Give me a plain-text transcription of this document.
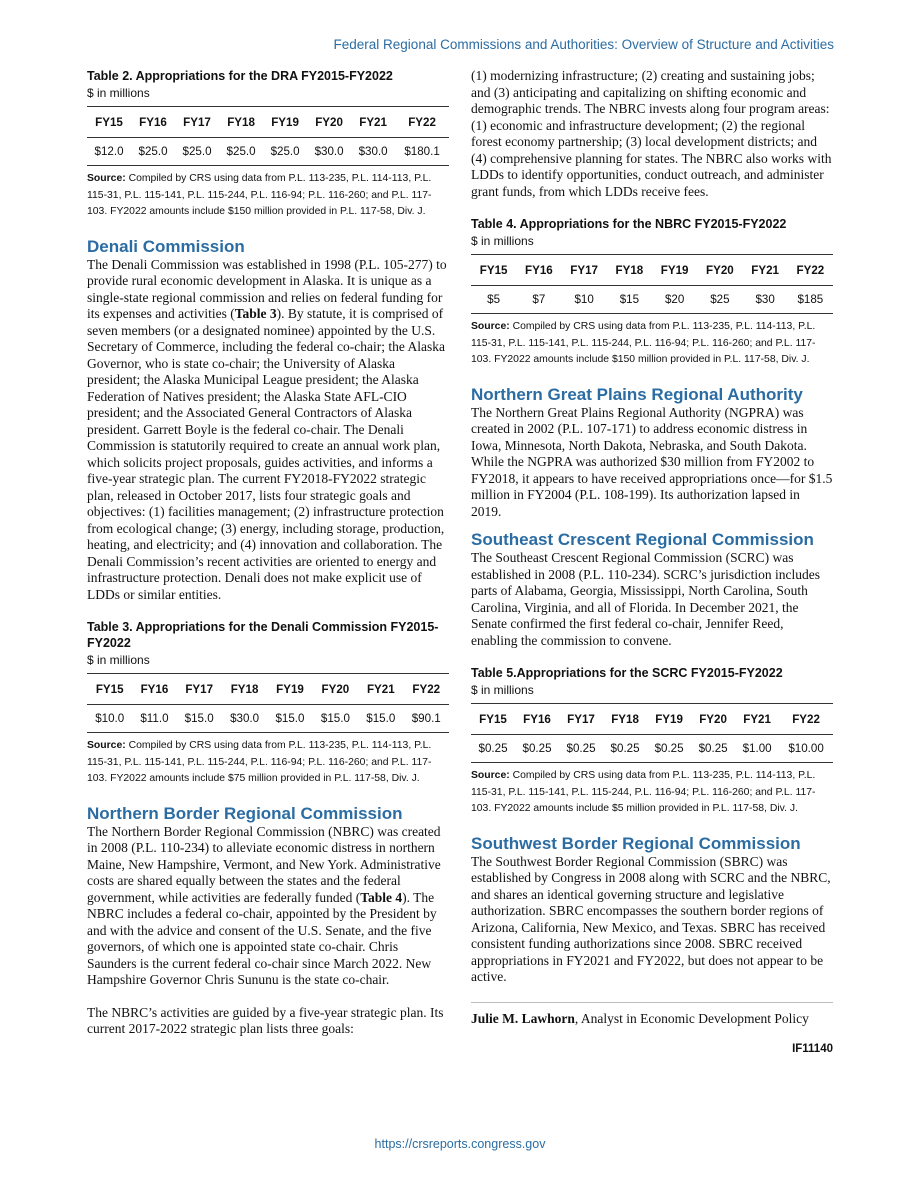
Federal Regional Commissions and Authorities: Overview of Structure and Activities

Table 2. Appropriations for the DRA FY2015-FY2022

$ in millions

FY15	FY16	FY17	FY18	FY19	FY20	FY21	FY22
$12.0	$25.0	$25.0	$25.0	$25.0	$30.0	$30.0	$180.1

Source: Compiled by CRS using data from P.L. 113-235, P.L. 114-113, P.L. 115-31, P.L. 115-141, P.L. 115-244, P.L. 116-94; P.L. 116-260; and P.L. 117-103. FY2022 amounts include $150 million provided in P.L. 117-58, Div. J.

Denali Commission

The Denali Commission was established in 1998 (P.L. 105-277) to provide rural economic development in Alaska. It is unique as a single-state regional commission and relies on federal funding for its expenses and activities (Table 3). By statute, it is comprised of seven members (or a designated nominee) appointed by the U.S. Secretary of Commerce, including the federal co-chair; the Alaska Governor, who is state co-chair; the University of Alaska president; the Alaska Municipal League president; the Alaska Federation of Natives president; the Alaska State AFL-CIO president; and the Associated General Contractors of Alaska president. Garrett Boyle is the federal co-chair. The Denali Commission is statutorily required to create an annual work plan, which solicits project proposals, guides activities, and informs a five-year strategic plan. The current FY2018-FY2022 strategic plan, released in October 2017, lists four strategic goals and objectives: (1) facilities management; (2) infrastructure protection from ecological change; (3) energy, including storage, production, heating, and electricity; and (4) innovation and collaboration. The Denali Commission’s recent activities are oriented to energy and infrastructure protection. Denali does not make explicit use of LDDs or similar entities.

Table 3. Appropriations for the Denali Commission FY2015-FY2022

$ in millions

FY15	FY16	FY17	FY18	FY19	FY20	FY21	FY22
$10.0	$11.0	$15.0	$30.0	$15.0	$15.0	$15.0	$90.1

Source: Compiled by CRS using data from P.L. 113-235, P.L. 114-113, P.L. 115-31, P.L. 115-141, P.L. 115-244, P.L. 116-94; P.L. 116-260; and P.L. 117-103. FY2022 amounts include $75 million provided in P.L. 117-58, Div. J.

Northern Border Regional Commission

The Northern Border Regional Commission (NBRC) was created in 2008 (P.L. 110-234) to alleviate economic distress in northern Maine, New Hampshire, Vermont, and New York. Administrative costs are shared equally between the states and the federal government, while activities are federally funded (Table 4). The NBRC includes a federal co-chair, appointed by the President by and with the advice and consent of the U.S. Senate, and the five governors, of which one is appointed state co-chair. Chris Saunders is the current federal co-chair since March 2022. New Hampshire Governor Chris Sununu is the state co-chair.

The NBRC’s activities are guided by a five-year strategic plan. Its current 2017-2022 strategic plan lists three goals:

(1) modernizing infrastructure; (2) creating and sustaining jobs; and (3) anticipating and capitalizing on shifting economic and demographic trends. The NBRC invests along four program areas: (1) economic and infrastructure development; (2) the regional forest economy partnership; (3) local development districts; and (4) comprehensive planning for states. The NBRC also works with LDDs to identify opportunities, conduct outreach, and administer grant funds, from which LDDs receive fees.

Table 4. Appropriations for the NBRC FY2015-FY2022

$ in millions

FY15	FY16	FY17	FY18	FY19	FY20	FY21	FY22
$5	$7	$10	$15	$20	$25	$30	$185

Source: Compiled by CRS using data from P.L. 113-235, P.L. 114-113, P.L. 115-31, P.L. 115-141, P.L. 115-244, P.L. 116-94; P.L. 116-260; and P.L. 117-103. FY2022 amounts include $150 million provided in P.L. 117-58, Div. J.

Northern Great Plains Regional Authority

The Northern Great Plains Regional Authority (NGPRA) was created in 2002 (P.L. 107-171) to address economic distress in Iowa, Minnesota, North Dakota, Nebraska, and South Dakota. While the NGPRA was authorized $30 million from FY2002 to FY2018, it appears to have received appropriations once—for $1.5 million in FY2004 (P.L. 108-199). Its authorization lapsed in 2019.

Southeast Crescent Regional Commission

The Southeast Crescent Regional Commission (SCRC) was established in 2008 (P.L. 110-234). SCRC’s jurisdiction includes parts of Alabama, Georgia, Mississippi, North Carolina, South Carolina, Virginia, and all of Florida. In December 2021, the Senate confirmed the first federal co-chair, Jennifer Reed, enabling the commission to convene.

Table 5.Appropriations for the SCRC FY2015-FY2022

$ in millions

FY15	FY16	FY17	FY18	FY19	FY20	FY21	FY22
$0.25	$0.25	$0.25	$0.25	$0.25	$0.25	$1.00	$10.00

Source: Compiled by CRS using data from P.L. 113-235, P.L. 114-113, P.L. 115-31, P.L. 115-141, P.L. 115-244, P.L. 116-94; P.L. 116-260; and P.L. 117-103. FY2022 amounts include $5 million provided in P.L. 117-58, Div. J.

Southwest Border Regional Commission

The Southwest Border Regional Commission (SBRC) was established by Congress in 2008 along with SCRC and the NBRC, and shares an identical governing structure and legislative authorization. SBRC encompasses the southern border regions of Arizona, California, New Mexico, and Texas. SBRC has received consistent funding authorizations since 2008. SBRC received appropriations in FY2021 and FY2022, but does not appear to be active.

Julie M. Lawhorn, Analyst in Economic Development Policy

IF11140
https://crsreports.congress.gov
